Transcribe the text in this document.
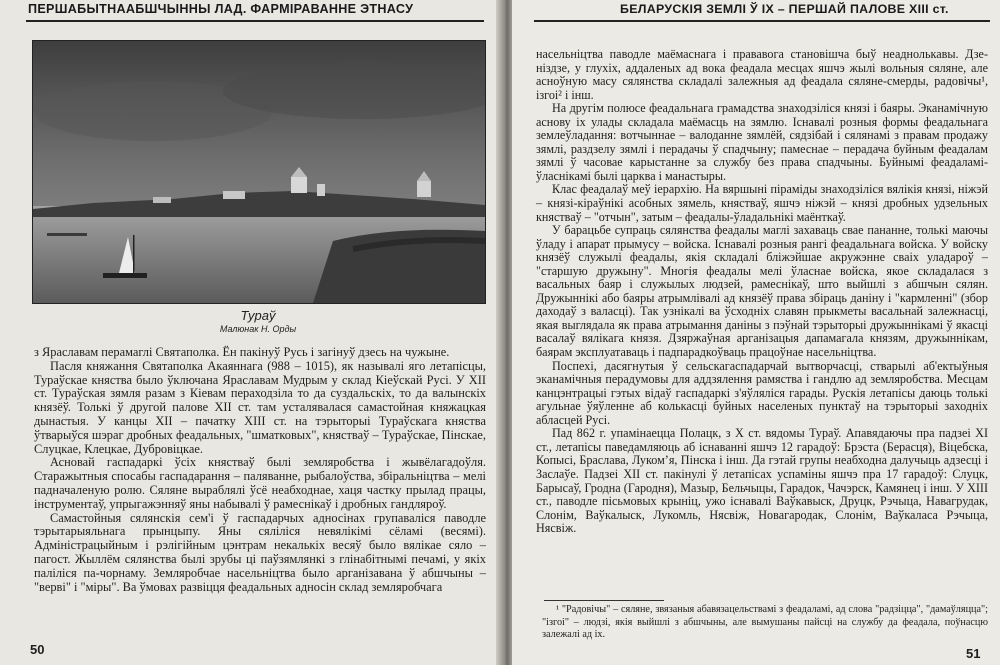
ПЕРШАБЫТНААБШЧЫННЫ ЛАД. ФАРМІРАВАННЕ ЭТНАСУ
Тураў
Малюнак Н. Орды

з Яраславам перамаглі Святаполка. Ён пакінуў Русь і загінуў дзесь на чужыне.

Пасля княжання Святаполка Акаяннага (988 – 1015), як называлі яго летапісцы, Тураўскае княства было ўключана Яраславам Мудрым у склад Кіеўскай Русі. У XII ст. Тураўская зямля разам з Кіевам пераходзіла то да суздальскіх, то да валынскіх князёў. Толькі ў другой палове XII ст. там усталявалася самастойная княжацкая дынастыя. У канцы XII – пачатку XIII ст. на тэрыторыі Тураўскага княства ўтварыўся шэраг дробных феадальных, "шматковых", княстваў – Тураўскае, Пінскае, Слуцкае, Клецкае, Дубровіцкае.

Асновай гаспадаркі ўсіх княстваў былі земляробства і жывёлагадоўля. Старажытныя спосабы гаспадарання – паляванне, рыбалоўства, збіральніцтва – мелі падначаленую ролю. Сяляне выраблялі ўсё неабходнае, хаця частку прылад працы, інструментаў, упрыгажэнняў яны набывалі ў рамеснікаў і дробных гандляроў.

Самастойныя сялянскія сем'і ў гаспадарчых адносінах групаваліся паводле тэрытарыяльнага прынцыпу. Яны сяліліся невялікімі сёламі (весямі). Адміністрацыйным і рэлігійным цэнтрам некалькіх весяў было вялікае сяло – пагост. Жыллём сялянства былі зрубы ці паўзямлянкі з глінабітнымі печамі, у якіх паліліся па-чорнаму. Земляробчае насельніцтва было арганізавана ў абшчыны – "верві" і "міры". Ва ўмовах развіцця феадальных адносін склад земляробчага

50
БЕЛАРУСКІЯ ЗЕМЛІ Ў IX – ПЕРШАЙ ПАЛОВЕ XIII ст.

насельніцтва паводле маёмаснага і прававога становішча быў неаднолькавы. Дзе-ніздзе, у глухіх, аддаленых ад вока феадала месцах яшчэ жылі вольныя сяляне, але асноўную масу сялянства складалі залежныя ад феадала сяляне-смерды, радовічы¹, ізгоі² і інш.

На другім полюсе феадальнага грамадства знаходзіліся князі і баяры. Эканамічную аснову іх улады складала маёмасць на зямлю. Існавалі розныя формы феадальнага землеўладання: вотчыннае – валоданне зямлёй, сядзібай і сялянамі з правам продажу зямлі, раздзелу зямлі і перадачы ў спадчыну; памеснае – перадача буйным феадалам зямлі ў часовае карыстанне за службу без права спадчыны. Буйнымі феадаламі-ўласнікамі былі царква і манастыры.

Клас феадалаў меў іерархію. На вяршыні піраміды знаходзіліся вялікія князі, ніжэй – князі-кіраўнікі асобных зямель, княстваў, яшчэ ніжэй – князі дробных удзельных княстваў – "отчын", затым – феадалы-ўладальнікі маёнткаў.

У барацьбе супраць сялянства феадалы маглі захаваць свае пананне, толькі маючы ўладу і апарат прымусу – войска. Існавалі розныя рангі феадальнага войска. У войску князёў служылі феадалы, якія складалі бліжэйшае акружэнне сваіх уладароў – "старшую дружыну". Многія феадалы мелі ўласнае войска, якое складалася з васальных баяр і служылых людзей, рамеснікаў, што выйшлі з абшчын сялян. Дружыннікі або баяры атрымлівалі ад князёў права збіраць даніну і "кармленні" (збор даходаў з валасці). Так узнікалі ва ўсходніх славян прыкметы васальнай залежнасці, якая выглядала як права атрымання даніны з пэўнай тэрыторыі дружыннікамі ў якасці васалаў вялікага князя. Дзяржаўная арганізацыя дапамагала князям, дружыннікам, баярам эксплуатаваць і падпарадкоўваць працоўнае насельніцтва.

Поспехі, дасягнутыя ў сельскагаспадарчай вытворчасці, стварылі аб'ектыўныя эканамічныя перадумовы для аддзялення рамяства і гандлю ад земляробства. Месцам канцэнтрацыі гэтых відаў гаспадаркі з'яўляліся гарады. Рускія летапісы даюць толькі агульнае ўяўленне аб колькасці буйных населеных пунктаў на тэрыторыі заходніх абласцей Русі.

Пад 862 г. упамінаецца Полацк, з X ст. вядомы Тураў. Апавядаючы пра падзеі XI ст., летапісы паведамляюць аб існаванні яшчэ 12 гарадоў: Брэста (Берасця), Віцебска, Копысі, Браслава, Лукомʼя, Пінска і інш. Да гэтай групы неабходна далучыць адзесці і Заслаўе. Падзеі XII ст. пакінулі ў летапісах успаміны яшчэ пра 17 гарадоў: Слуцк, Барысаў, Гродна (Гародня), Мазыр, Бельчыцы, Гарадок, Чачэрск, Камянец і інш. У XIII ст., паводле пісьмовых крыніц, ужо існавалі Ваўкавыск, Друцк, Рэчыца, Навагрудак, Слонім, Ваўкалыск, Лукомль, Нясвіж, Новагародак, Слонім, Ваўкаласа Рэчыца, Нясвіж.

¹ "Радовічы" – сяляне, звязаныя абавязацельствамі з феадаламі, ад слова "радзіцца", "дамаўляцца"; "ізгоі" – людзі, якія выйшлі з абшчыны, але вымушаны пайсці на службу да феадала, поўнасцю залежалі ад іх.

51
